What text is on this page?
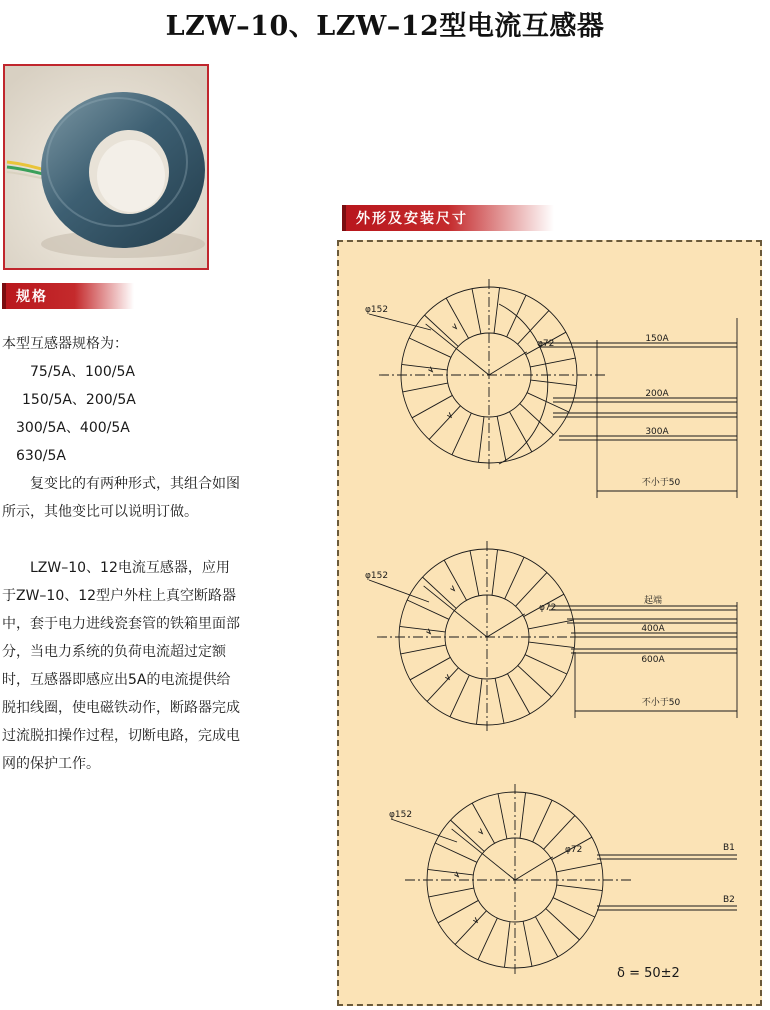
LZW–10、LZW–12型电流互感器
规格
本型互感器规格为：
75/5A、100/5A
150/5A、200/5A
300/5A、400/5A
630/5A
复变比的有两种形式，其组合如图所示，其他变比可以说明订做。
LZW–10、12电流互感器，应用于ZW–10、12型户外柱上真空断路器中，套于电力进线瓷套管的铁箱里面部分，当电力系统的负荷电流超过定额时，互感器即感应出5A的电流提供给脱扣线圈，使电磁铁动作，断路器完成过流脱扣操作过程，切断电路，完成电网的保护工作。
外形及安装尺寸
φ152
φ72	150A
200A
300A
不小于50
φ152
φ72
起端
400A
600A
不小于50
φ152
φ72	B1
B2
δ = 50±2
